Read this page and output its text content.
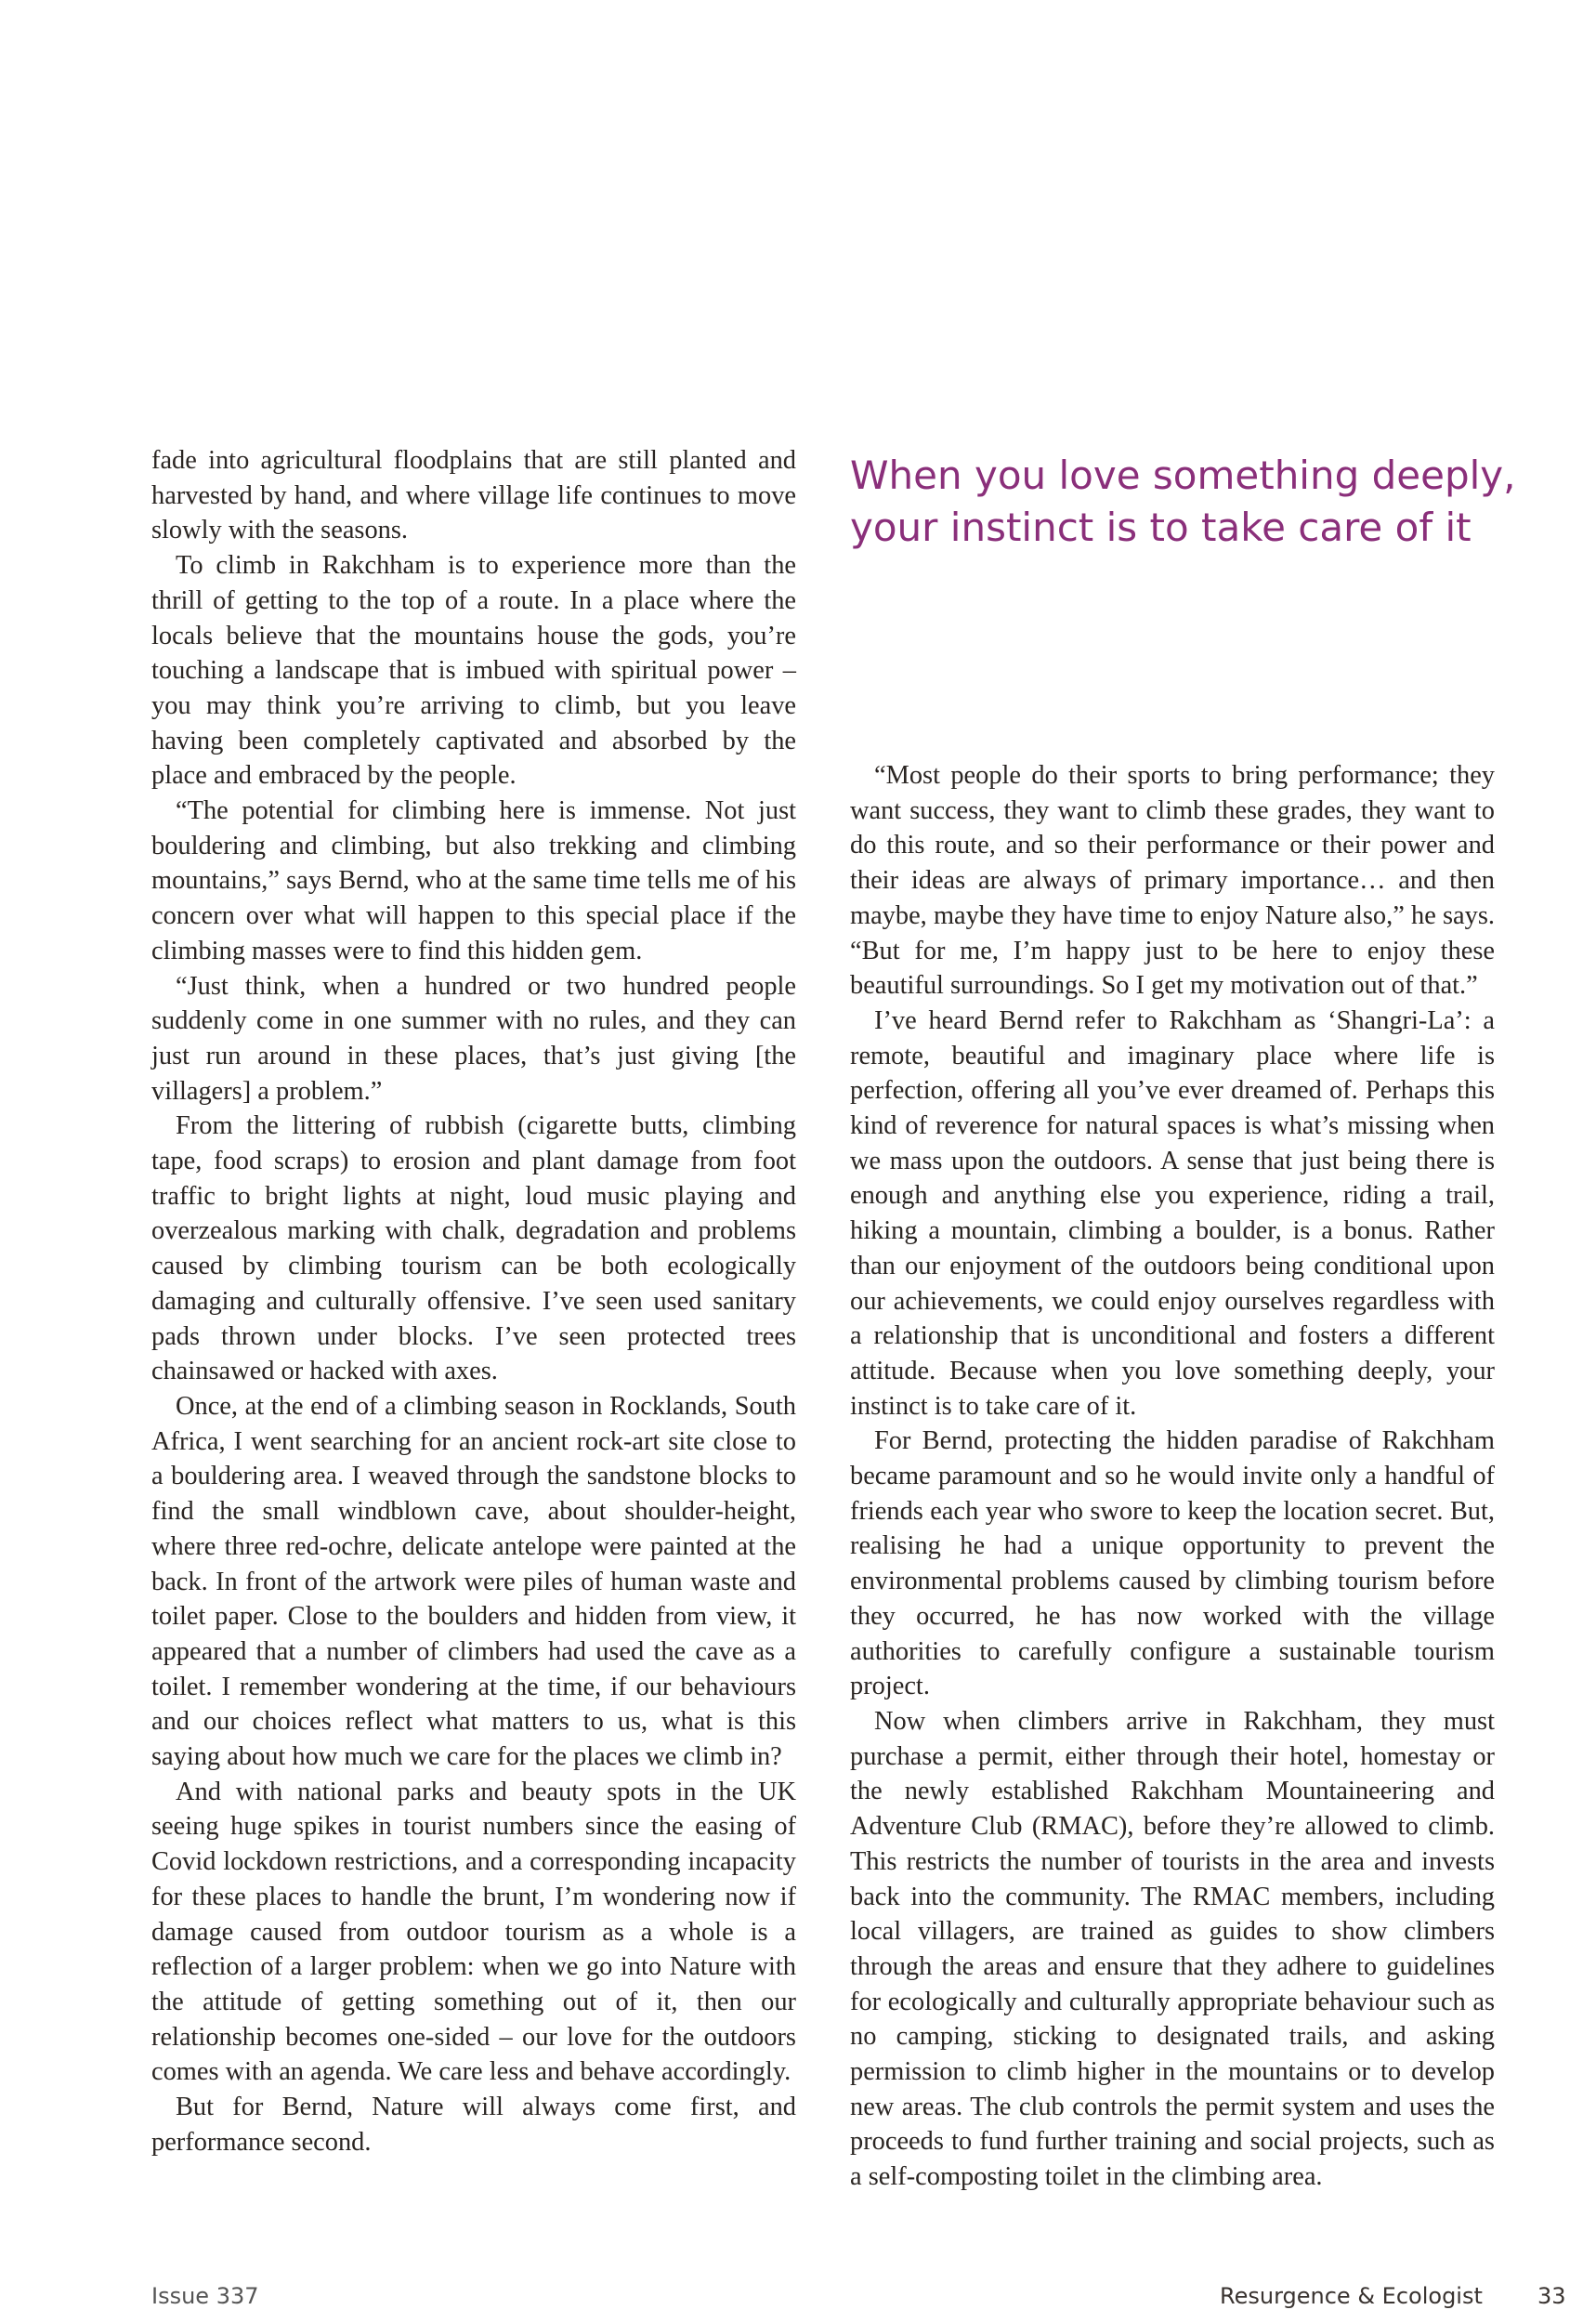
fade into agricultural floodplains that are still planted and harvested by hand, and where village life continues to move slowly with the seasons.

To climb in Rakchham is to experience more than the thrill of getting to the top of a route. In a place where the locals believe that the mountains house the gods, you’re touching a landscape that is imbued with spiritual power – you may think you’re arriving to climb, but you leave having been completely captivated and absorbed by the place and embraced by the people.

“The potential for climbing here is immense. Not just bouldering and climbing, but also trekking and climbing mountains,” says Bernd, who at the same time tells me of his concern over what will happen to this special place if the climbing masses were to find this hidden gem.

“Just think, when a hundred or two hundred people suddenly come in one summer with no rules, and they can just run around in these places, that’s just giving [the villagers] a problem.”

From the littering of rubbish (cigarette butts, climbing tape, food scraps) to erosion and plant damage from foot traffic to bright lights at night, loud music playing and overzealous marking with chalk, degradation and problems caused by climbing tourism can be both ecologically damaging and culturally offensive. I’ve seen used sanitary pads thrown under blocks. I’ve seen protected trees chainsawed or hacked with axes.

Once, at the end of a climbing season in Rocklands, South Africa, I went searching for an ancient rock-art site close to a bouldering area. I weaved through the sandstone blocks to find the small windblown cave, about shoulder-height, where three red-ochre, delicate antelope were painted at the back. In front of the artwork were piles of human waste and toilet paper. Close to the boulders and hidden from view, it appeared that a number of climbers had used the cave as a toilet. I remember wondering at the time, if our behaviours and our choices reflect what matters to us, what is this saying about how much we care for the places we climb in?

And with national parks and beauty spots in the UK seeing huge spikes in tourist numbers since the easing of Covid lockdown restrictions, and a corresponding incapacity for these places to handle the brunt, I’m wondering now if damage caused from outdoor tourism as a whole is a reflection of a larger problem: when we go into Nature with the attitude of getting something out of it, then our relationship becomes one-sided – our love for the outdoors comes with an agenda. We care less and behave accordingly.

But for Bernd, Nature will always come first, and performance second.

When you love something deeply, your instinct is to take care of it

“Most people do their sports to bring performance; they want success, they want to climb these grades, they want to do this route, and so their performance or their power and their ideas are always of primary importance… and then maybe, maybe they have time to enjoy Nature also,” he says. “But for me, I’m happy just to be here to enjoy these beautiful surroundings. So I get my motivation out of that.”

I’ve heard Bernd refer to Rakchham as ‘Shangri-La’: a remote, beautiful and imaginary place where life is perfection, offering all you’ve ever dreamed of. Perhaps this kind of reverence for natural spaces is what’s missing when we mass upon the outdoors. A sense that just being there is enough and anything else you experience, riding a trail, hiking a mountain, climbing a boulder, is a bonus. Rather than our enjoyment of the outdoors being conditional upon our achievements, we could enjoy ourselves regardless with a relationship that is unconditional and fosters a different attitude. Because when you love something deeply, your instinct is to take care of it.

For Bernd, protecting the hidden paradise of Rakchham became paramount and so he would invite only a handful of friends each year who swore to keep the location secret. But, realising he had a unique opportunity to prevent the environmental problems caused by climbing tourism before they occurred, he has now worked with the village authorities to carefully configure a sustainable tourism project.

Now when climbers arrive in Rakchham, they must purchase a permit, either through their hotel, homestay or the newly established Rakchham Mountaineering and Adventure Club (RMAC), before they’re allowed to climb. This restricts the number of tourists in the area and invests back into the community. The RMAC members, including local villagers, are trained as guides to show climbers through the areas and ensure that they adhere to guidelines for ecologically and culturally appropriate behaviour such as no camping, sticking to designated trails, and asking permission to climb higher in the mountains or to develop new areas. The club controls the permit system and uses the proceeds to fund further training and social projects, such as a self-composting toilet in the climbing area.

Issue 337	Resurgence & Ecologist 33
